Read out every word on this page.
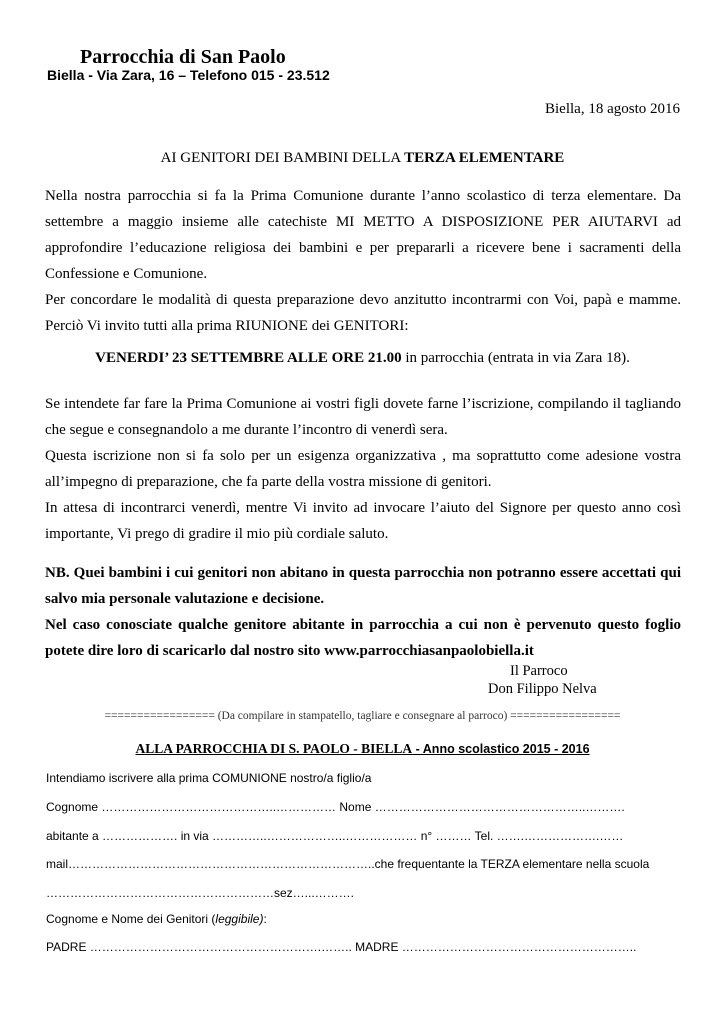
Parrocchia di San Paolo
Biella - Via Zara, 16 – Telefono 015 - 23.512
Biella, 18 agosto 2016
AI GENITORI DEI BAMBINI DELLA TERZA ELEMENTARE

Nella nostra parrocchia si fa la Prima Comunione durante l’anno scolastico di terza elementare. Da settembre a maggio insieme alle catechiste MI METTO A DISPOSIZIONE PER AIUTARVI ad approfondire l’educazione religiosa dei bambini e per prepararli a ricevere bene i sacramenti della Confessione e Comunione.

Per concordare le modalità di questa preparazione devo anzitutto incontrarmi con Voi, papà e mamme. Perciò Vi invito tutti alla prima RIUNIONE dei GENITORI:

VENERDI’ 23 SETTEMBRE ALLE ORE 21.00 in parrocchia (entrata in via Zara 18).

Se intendete far fare la Prima Comunione ai vostri figli dovete farne l’iscrizione, compilando il tagliando che segue e consegnandolo a me durante l’incontro di venerdì sera.

Questa iscrizione non si fa solo per un esigenza organizzativa , ma soprattutto come adesione vostra all’impegno di preparazione, che fa parte della vostra missione di genitori.

In attesa di incontrarci venerdì, mentre Vi invito ad invocare l’aiuto del Signore per questo anno così importante, Vi prego di gradire il mio più cordiale saluto.

NB. Quei bambini i cui genitori non abitano in questa parrocchia non potranno essere accettati qui salvo mia personale valutazione e decisione.

Nel caso conosciate qualche genitore abitante in parrocchia a cui non è pervenuto questo foglio potete dire loro di scaricarlo dal nostro sito www.parrocchiasanpaolobiella.it

Il Parroco
Don Filippo Nelva
================= (Da compilare in stampatello, tagliare e consegnare al parroco) =================
ALLA PARROCCHIA DI S. PAOLO - BIELLA - Anno scolastico 2015 - 2016
Intendiamo iscrivere alla prima COMUNIONE nostro/a figlio/a
Cognome ……………………………………..…………… Nome ……………………………………………..……….
abitante a ………………. in via …………..………………..……………… n° ……… Tel. …….……………….……
mail…………………………………………………………………..che frequentante la TERZA elementare nella scuola
…………………………………………………sez…...……….
Cognome e Nome dei Genitori (leggibile):
PADRE ………………………………………………….…….. MADRE …………………………………………………..
